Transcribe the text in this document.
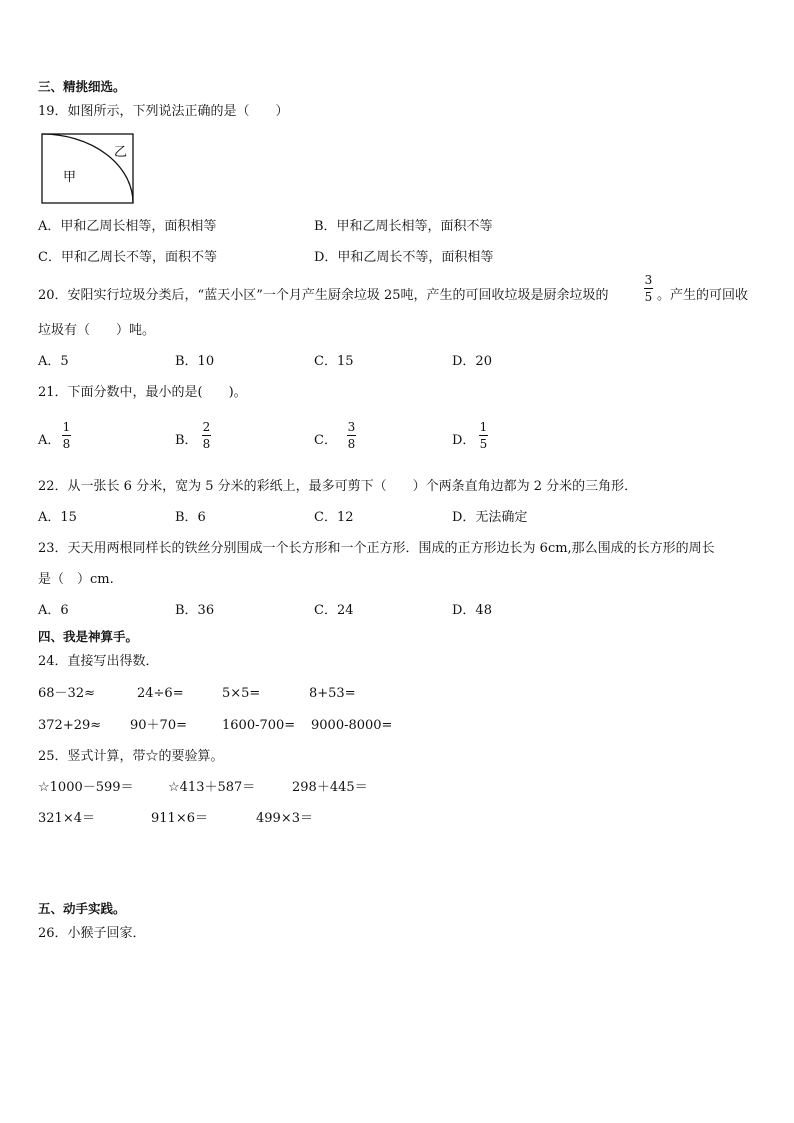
三、精挑细选。
19．如图所示，下列说法正确的是（　　）
甲
乙
A．甲和乙周长相等，面积相等	B．甲和乙周长相等，面积不等
C．甲和乙周长不等，面积不等	D．甲和乙周长不等，面积相等
20．安阳实行垃圾分类后，“蓝天小区”一个月产生厨余垃圾 25吨，产生的可回收垃圾是厨余垃圾的
3
5 。产生的可回收
垃圾有（　　）吨。
A．5	B．10	C．15	D．20
21．下面分数中，最小的是(　　)。
A．
1
8	B．
2
8	C．
3
8	D．
1
5
22．从一张长 6 分米，宽为 5 分米的彩纸上，最多可剪下（　　）个两条直角边都为 2 分米的三角形．
A．15	B．6	C．12	D．无法确定
23．天天用两根同样长的铁丝分别围成一个长方形和一个正方形．围成的正方形边长为 6cm,那么围成的长方形的周长
是（　）cm.
A．6	B．36	C．24	D．48
四、我是神算手。
24．直接写出得数．
68－32≈	24÷6=	5×5=	8+53=
372+29≈ 90＋70=	1600-700= 9000-8000=
25．竖式计算，带☆的要验算。
☆1000－599＝	☆413＋587＝	298＋445＝
321×4＝	911×6＝	499×3＝
五、动手实践。
26．小猴子回家．
